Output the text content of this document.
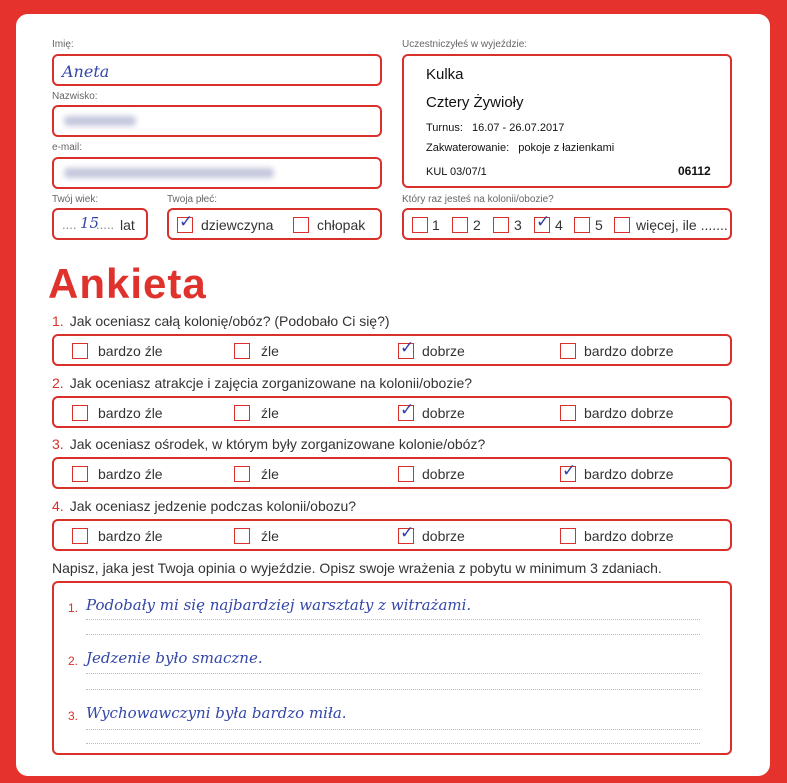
Imię:
Aneta
Nazwisko:
e-mail:
Twój wiek:
.... 15
..... lat
Twoja płeć:
✓ dziewczyna	chłopak
Uczestniczyłeś w wyjeździe:
Kulka
Cztery Żywioły
Turnus: 16.07 - 26.07.2017
Zakwaterowanie: pokoje z łazienkami
KUL 03/07/1	06112
Który raz jesteś na kolonii/obozie?
1 2 3 ✓ 4 5 więcej, ile .......
Ankieta
1. Jak oceniasz całą kolonię/obóz? (Podobało Ci się?)
bardzo źle	źle	✓ dobrze	bardzo dobrze
2. Jak oceniasz atrakcje i zajęcia zorganizowane na kolonii/obozie?
bardzo źle	źle	✓ dobrze	bardzo dobrze
3. Jak oceniasz ośrodek, w którym były zorganizowane kolonie/obóz?
bardzo źle	źle	dobrze	✓ bardzo dobrze
4. Jak oceniasz jedzenie podczas kolonii/obozu?
bardzo źle	źle	✓ dobrze	bardzo dobrze
Napisz, jaka jest Twoja opinia o wyjeździe. Opisz swoje wrażenia z pobytu w minimum 3 zdaniach.
1. Podobały mi się najbardziej warsztaty z witrażami.
2. Jedzenie było smaczne.
3. Wychowawczyni była bardzo miła.
